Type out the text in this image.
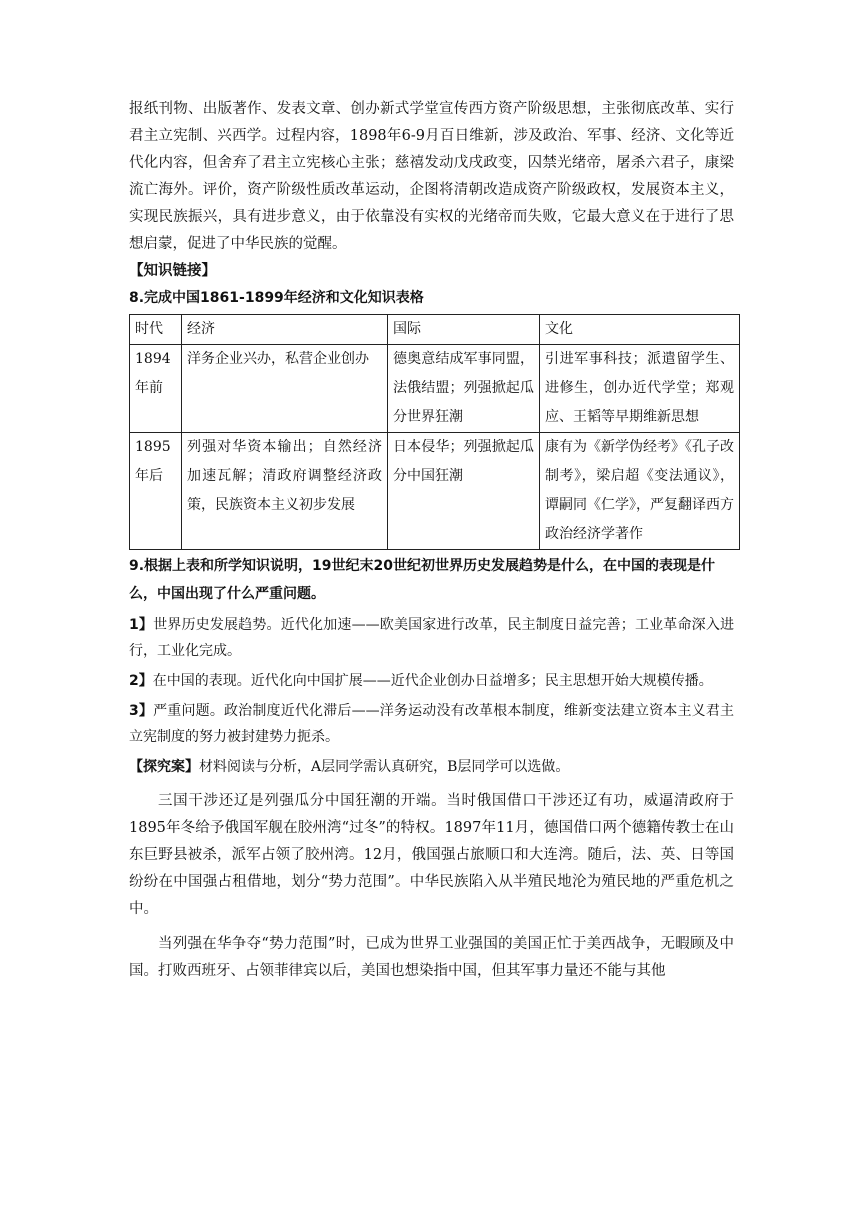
报纸刊物、出版著作、发表文章、创办新式学堂宣传西方资产阶级思想，主张彻底改革、实行君主立宪制、兴西学。过程内容，1898年6-9月百日维新，涉及政治、军事、经济、文化等近代化内容，但舍弃了君主立宪核心主张；慈禧发动戊戌政变，囚禁光绪帝，屠杀六君子，康梁流亡海外。评价，资产阶级性质改革运动，企图将清朝改造成资产阶级政权，发展资本主义，实现民族振兴，具有进步意义，由于依靠没有实权的光绪帝而失败，它最大意义在于进行了思想启蒙，促进了中华民族的觉醒。

【知识链接】

8.完成中国1861-1899年经济和文化知识表格

时代	经济	国际	文化
1894年前	洋务企业兴办，私营企业创办	德奥意结成军事同盟，法俄结盟；列强掀起瓜分世界狂潮	引进军事科技；派遣留学生、进修生，创办近代学堂；郑观应、王韬等早期维新思想
1895年后	列强对华资本输出；自然经济加速瓦解；清政府调整经济政策，民族资本主义初步发展	日本侵华；列强掀起瓜分中国狂潮	康有为《新学伪经考》《孔子改制考》，梁启超《变法通议》，谭嗣同《仁学》，严复翻译西方政治经济学著作

9.根据上表和所学知识说明，19世纪末20世纪初世界历史发展趋势是什么，在中国的表现是什么，中国出现了什么严重问题。

1】世界历史发展趋势。近代化加速——欧美国家进行改革，民主制度日益完善；工业革命深入进行，工业化完成。

2】在中国的表现。近代化向中国扩展——近代企业创办日益增多；民主思想开始大规模传播。

3】严重问题。政治制度近代化滞后——洋务运动没有改革根本制度，维新变法建立资本主义君主立宪制度的努力被封建势力扼杀。

【探究案】材料阅读与分析，A层同学需认真研究，B层同学可以选做。

三国干涉还辽是列强瓜分中国狂潮的开端。当时俄国借口干涉还辽有功，威逼清政府于1895年冬给予俄国军舰在胶州湾“过冬”的特权。1897年11月，德国借口两个德籍传教士在山东巨野县被杀，派军占领了胶州湾。12月，俄国强占旅顺口和大连湾。随后，法、英、日等国纷纷在中国强占租借地，划分“势力范围”。中华民族陷入从半殖民地沦为殖民地的严重危机之中。

当列强在华争夺“势力范围”时，已成为世界工业强国的美国正忙于美西战争，无暇顾及中国。打败西班牙、占领菲律宾以后，美国也想染指中国，但其军事力量还不能与其他
